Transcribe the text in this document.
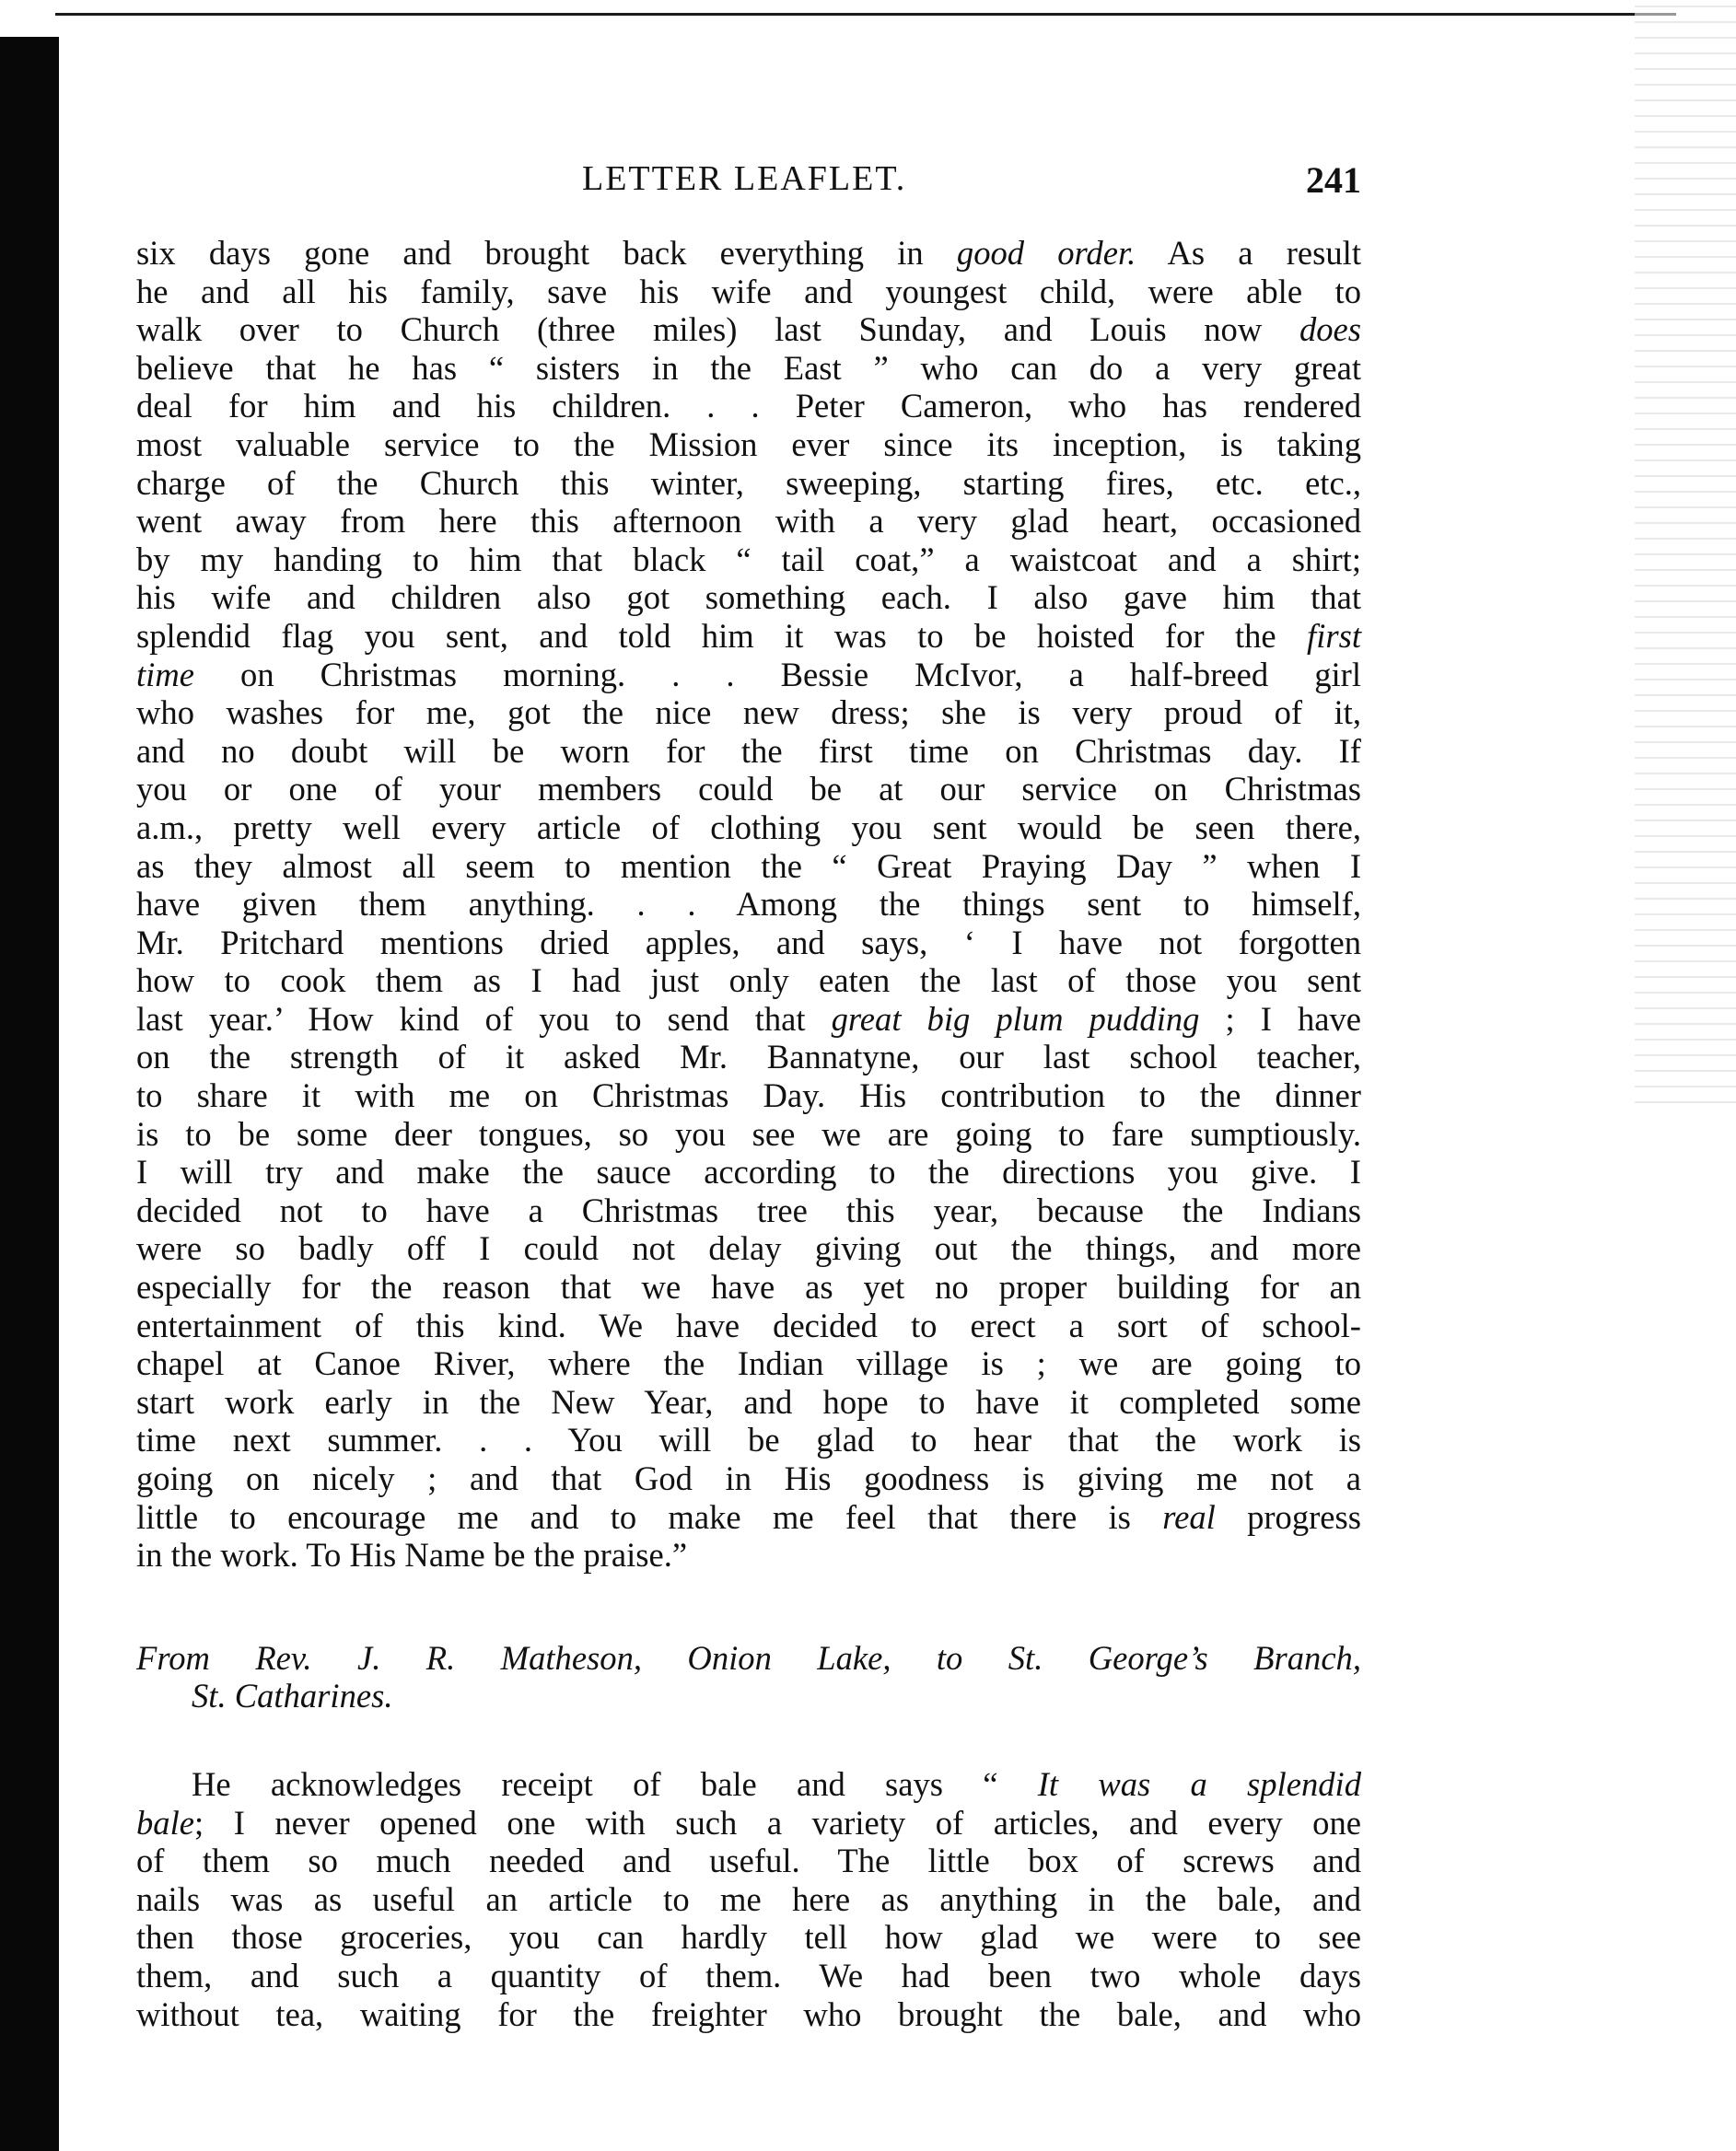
LETTER LEAFLET.	241
six days gone and brought back everything in good order. As a result
he and all his family, save his wife and youngest child, were able to
walk over to Church (three miles) last Sunday, and Louis now does
believe that he has “ sisters in the East ” who can do a very great
deal for him and his children. . . Peter Cameron, who has rendered
most valuable service to the Mission ever since its inception, is taking
charge of the Church this winter, sweeping, starting fires, etc. etc.,
went away from here this afternoon with a very glad heart, occasioned
by my handing to him that black “ tail coat,” a waistcoat and a shirt;
his wife and children also got something each. I also gave him that
splendid flag you sent, and told him it was to be hoisted for the first
time on Christmas morning. . . Bessie McIvor, a half-breed girl
who washes for me, got the nice new dress; she is very proud of it,
and no doubt will be worn for the first time on Christmas day. If
you or one of your members could be at our service on Christmas
a.m., pretty well every article of clothing you sent would be seen there,
as they almost all seem to mention the “ Great Praying Day ” when I
have given them anything. . . Among the things sent to himself,
Mr. Pritchard mentions dried apples, and says, ‘ I have not forgotten
how to cook them as I had just only eaten the last of those you sent
last year.’ How kind of you to send that great big plum pudding ; I have
on the strength of it asked Mr. Bannatyne, our last school teacher,
to share it with me on Christmas Day. His contribution to the dinner
is to be some deer tongues, so you see we are going to fare sumptiously.
I will try and make the sauce according to the directions you give. I
decided not to have a Christmas tree this year, because the Indians
were so badly off I could not delay giving out the things, and more
especially for the reason that we have as yet no proper building for an
entertainment of this kind. We have decided to erect a sort of school-
chapel at Canoe River, where the Indian village is ; we are going to
start work early in the New Year, and hope to have it completed some
time next summer. . . You will be glad to hear that the work is
going on nicely ; and that God in His goodness is giving me not a
little to encourage me and to make me feel that there is real progress
in the work. To His Name be the praise.”
From Rev. J. R. Matheson, Onion Lake, to St. George’s Branch,
St. Catharines.
He acknowledges receipt of bale and says “ It was a splendid
bale; I never opened one with such a variety of articles, and every one
of them so much needed and useful. The little box of screws and
nails was as useful an article to me here as anything in the bale, and
then those groceries, you can hardly tell how glad we were to see
them, and such a quantity of them. We had been two whole days
without tea, waiting for the freighter who brought the bale, and who
